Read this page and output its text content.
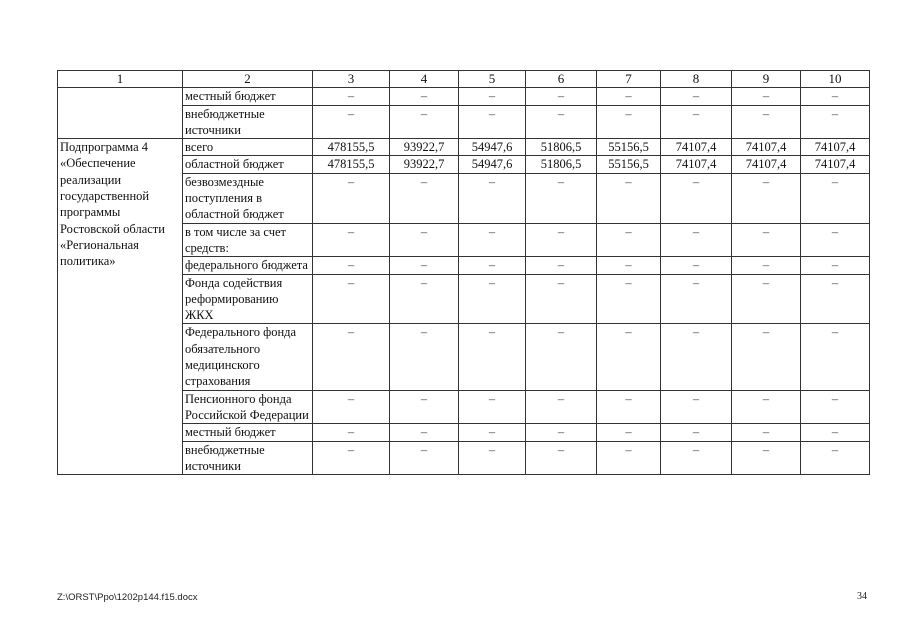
1	2	3	4	5	6	7	8	9	10
	местный бюджет	–	–	–	–	–	–	–	–
	внебюджетные источники	–	–	–	–	–	–	–	–
Подпрограмма 4 «Обеспечение реализации государственной программы Ростовской области «Региональная политика»	всего	478155,5	93922,7	54947,6	51806,5	55156,5	74107,4	74107,4	74107,4
	областной бюджет	478155,5	93922,7	54947,6	51806,5	55156,5	74107,4	74107,4	74107,4
	безвозмездные поступления в областной бюджет	–	–	–	–	–	–	–	–
	в том числе за счет средств:	–	–	–	–	–	–	–	–
	федерального бюджета	–	–	–	–	–	–	–	–
	Фонда содействия реформированию ЖКХ	–	–	–	–	–	–	–	–
	Федерального фонда обязательного медицинского страхования	–	–	–	–	–	–	–	–
	Пенсионного фонда Российской Федерации	–	–	–	–	–	–	–	–
	местный бюджет	–	–	–	–	–	–	–	–
	внебюджетные источники	–	–	–	–	–	–	–	–
Z:\ORST\Ppo\1202p144.f15.docx	34
